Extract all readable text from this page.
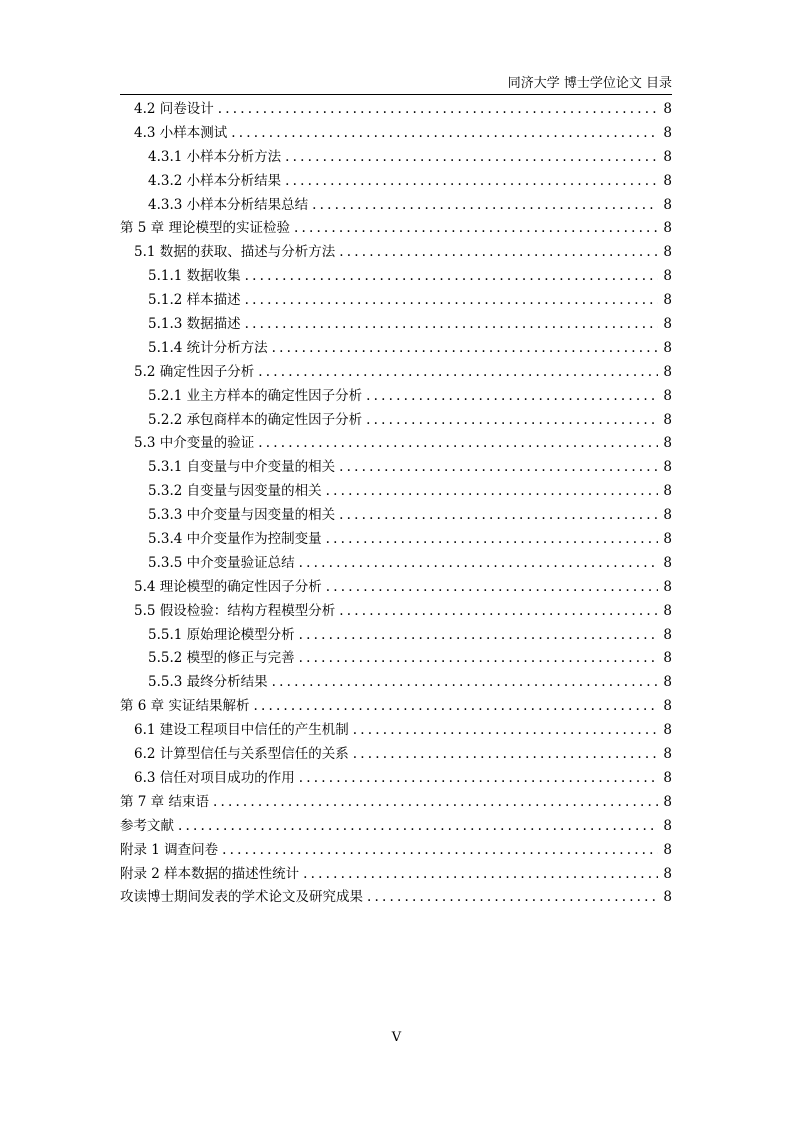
同济大学 博士学位论文 目录
4.2 问卷设计 .....	8
4.3 小样本测试 .....	8
4.3.1 小样本分析方法 .....	8
4.3.2 小样本分析结果 .....	8
4.3.3 小样本分析结果总结 .....	8
第 5 章 理论模型的实证检验 .....	8
5.1 数据的获取、描述与分析方法 .....	8
5.1.1 数据收集 .....	8
5.1.2 样本描述 .....	8
5.1.3 数据描述 .....	8
5.1.4 统计分析方法 .....	8
5.2 确定性因子分析 .....	8
5.2.1 业主方样本的确定性因子分析 .....	8
5.2.2 承包商样本的确定性因子分析 .....	8
5.3 中介变量的验证 .....	8
5.3.1 自变量与中介变量的相关 .....	8
5.3.2 自变量与因变量的相关 .....	8
5.3.3 中介变量与因变量的相关 .....	8
5.3.4 中介变量作为控制变量 .....	8
5.3.5 中介变量验证总结 .....	8
5.4 理论模型的确定性因子分析 .....	8
5.5 假设检验：结构方程模型分析 .....	8
5.5.1 原始理论模型分析 .....	8
5.5.2 模型的修正与完善 .....	8
5.5.3 最终分析结果 .....	8
第 6 章 实证结果解析 .....	8
6.1 建设工程项目中信任的产生机制 .....	8
6.2 计算型信任与关系型信任的关系 .....	8
6.3 信任对项目成功的作用 .....	8
第 7 章 结束语 .....	8
参考文献 .....	8
附录 1 调查问卷 .....	8
附录 2 样本数据的描述性统计 .....	8
攻读博士期间发表的学术论文及研究成果 .....	8
V
